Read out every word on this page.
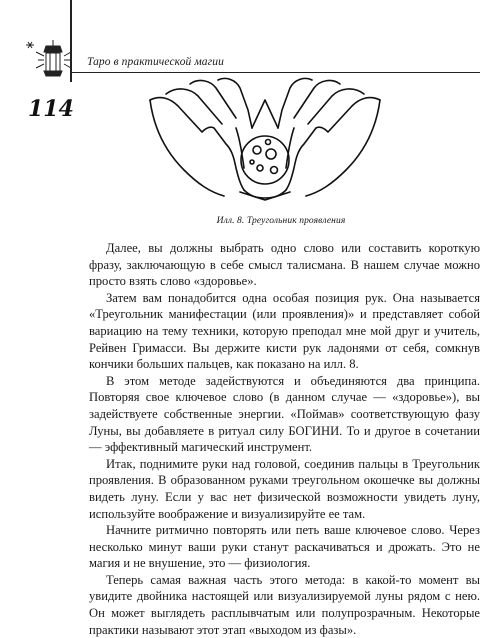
Таро в практической магии
114
Илл. 8. Треугольник проявления

Далее, вы должны выбрать одно слово или составить короткую фразу, заключающую в себе смысл талисмана. В нашем случае можно просто взять слово «здоровье».

Затем вам понадобится одна особая позиция рук. Она называется «Треугольник манифестации (или проявления)» и представляет собой вариацию на тему техники, которую преподал мне мой друг и учитель, Рейвен Гримасси. Вы держите кисти рук ладонями от себя, сомкнув кончики больших пальцев, как показано на илл. 8.

В этом методе задействуются и объединяются два принципа. Повторяя свое ключевое слово (в данном случае — «здоровье»), вы задействуете собственные энергии. «Поймав» соответствующую фазу Луны, вы добавляете в ритуал силу БОГИНИ. То и другое в сочетании — эффективный магический инструмент.

Итак, поднимите руки над головой, соединив пальцы в Треугольник проявления. В образованном руками треугольном окошечке вы должны видеть луну. Если у вас нет физической возможности увидеть луну, используйте воображение и визуализируйте ее там.

Начните ритмично повторять или петь ваше ключевое слово. Через несколько минут ваши руки станут раскачиваться и дрожать. Это не магия и не внушение, это — физиология.

Теперь самая важная часть этого метода: в какой-то момент вы увидите двойника настоящей или визуализируемой луны рядом с нею. Он может выглядеть расплывчатым или полупрозрачным. Некоторые практики называют этот этап «выходом из фазы».
